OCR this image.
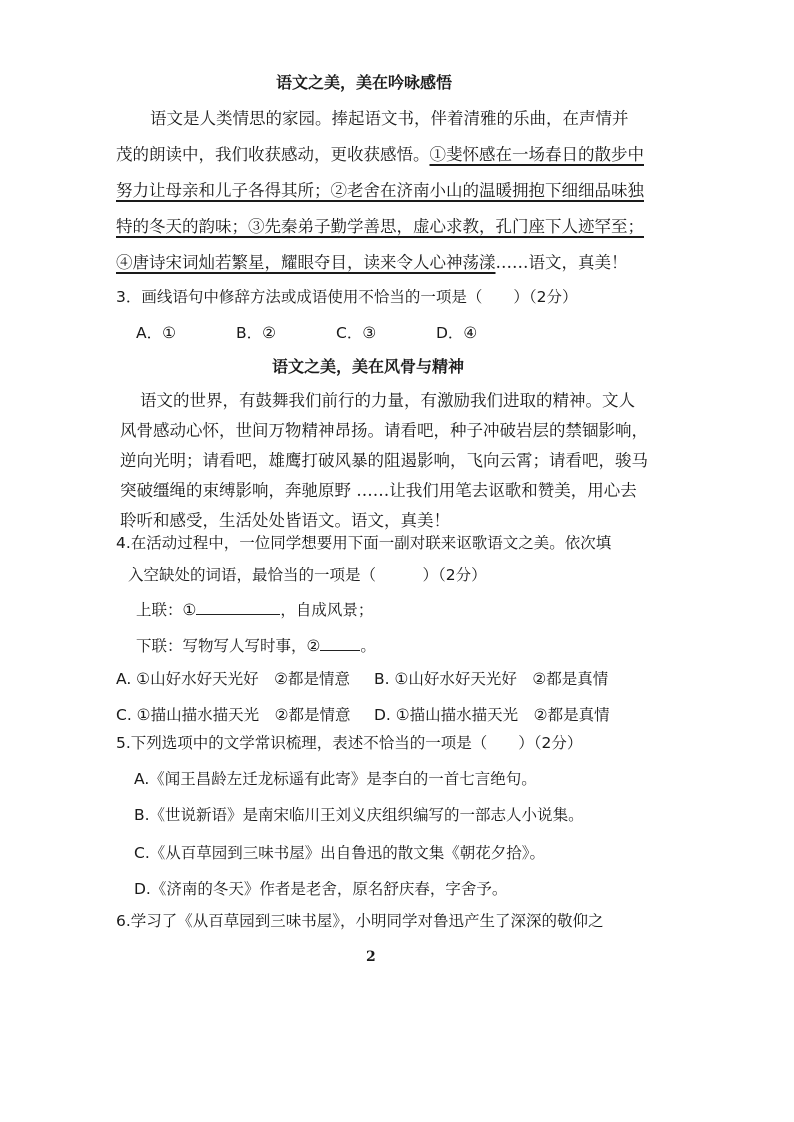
语文之美，美在吟咏感悟
语文是人类情思的家园。捧起语文书，伴着清雅的乐曲，在声情并
茂的朗读中，我们收获感动，更收获感悟。①斐怀感在一场春日的散步中
努力让母亲和儿子各得其所；②老舍在济南小山的温暖拥抱下细细品味独
特的冬天的韵味；③先秦弟子勤学善思，虚心求教，孔门座下人迹罕至；
④唐诗宋词灿若繁星，耀眼夺目，读来令人心神荡漾……语文，真美！
3．画线语句中修辞方法或成语使用不恰当的一项是（　　）（2分）
A．①	B．②	C．③	D．④
语文之美，美在风骨与精神
语文的世界，有鼓舞我们前行的力量，有激励我们进取的精神。文人
风骨感动心怀，世间万物精神昂扬。请看吧，种子冲破岩层的禁锢影响，
逆向光明；请看吧，雄鹰打破风暴的阻遏影响，飞向云霄；请看吧，骏马
突破缰绳的束缚影响，奔驰原野 ……让我们用笔去讴歌和赞美，用心去
聆听和感受，生活处处皆语文。语文，真美！
4.在活动过程中，一位同学想要用下面一副对联来讴歌语文之美。依次填
入空缺处的词语，最恰当的一项是（　　　）（2分）
上联：①	，自成风景；
下联：写物写人写时事，②	。
A. ①山好水好天光好　②都是情意 B. ①山好水好天光好　②都是真情
C. ①描山描水描天光　②都是情意 D. ①描山描水描天光　②都是真情
5.下列选项中的文学常识梳理，表述不恰当的一项是（　　）（2分）
A.《闻王昌龄左迁龙标遥有此寄》是李白的一首七言绝句。
B.《世说新语》是南宋临川王刘义庆组织编写的一部志人小说集。
C.《从百草园到三味书屋》出自鲁迅的散文集《朝花夕拾》。
D.《济南的冬天》作者是老舍，原名舒庆春，字舍予。
6.学习了《从百草园到三味书屋》，小明同学对鲁迅产生了深深的敬仰之
2
